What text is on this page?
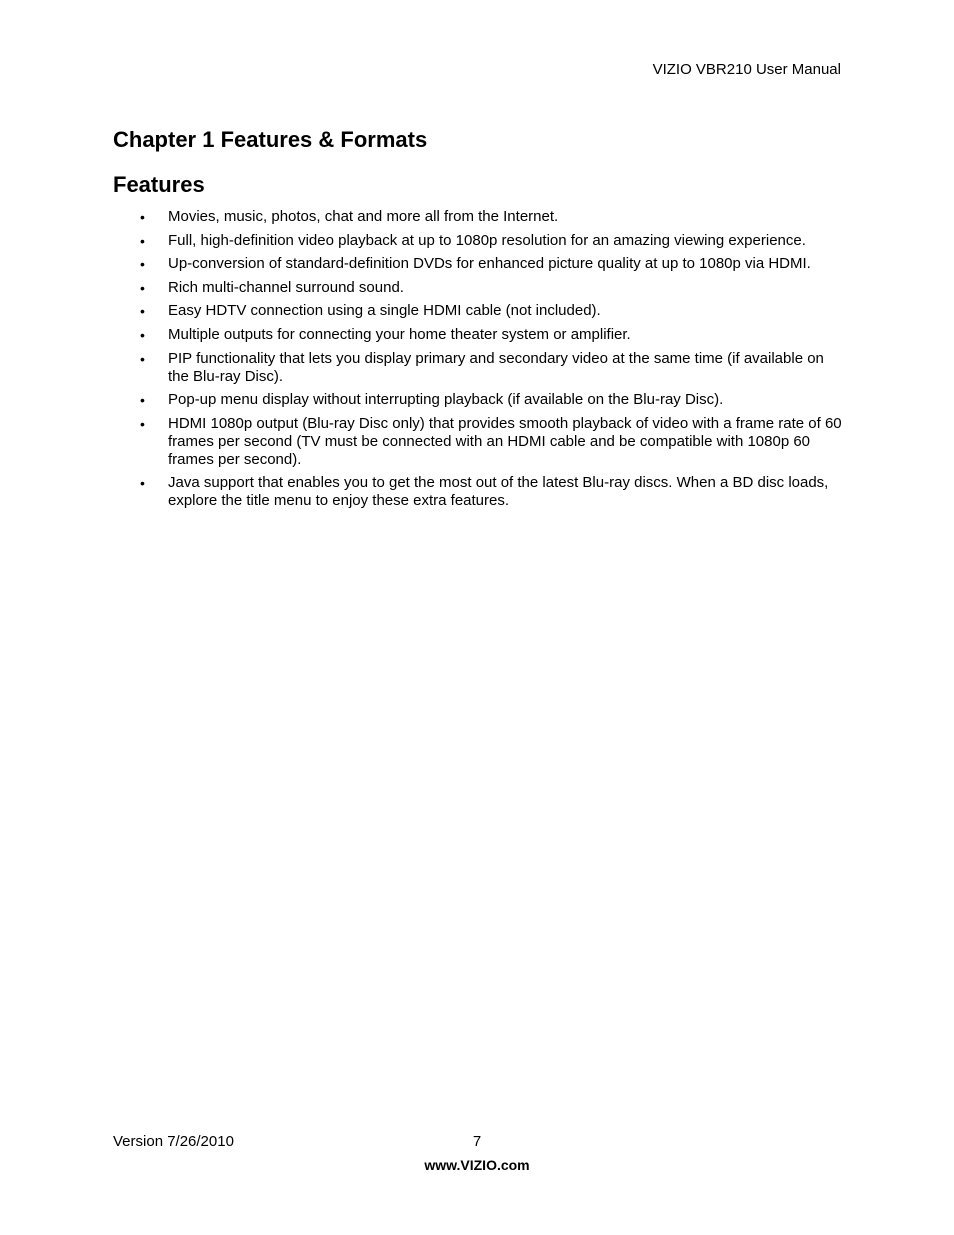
VIZIO VBR210 User Manual
Chapter 1 Features & Formats
Features
• Movies, music, photos, chat and more all from the Internet.
• Full, high-definition video playback at up to 1080p resolution for an amazing viewing experience.
• Up-conversion of standard-definition DVDs for enhanced picture quality at up to 1080p via HDMI.
• Rich multi-channel surround sound.
• Easy HDTV connection using a single HDMI cable (not included).
• Multiple outputs for connecting your home theater system or amplifier.
• PIP functionality that lets you display primary and secondary video at the same time (if available on the Blu-ray Disc).
• Pop-up menu display without interrupting playback (if available on the Blu-ray Disc).
• HDMI 1080p output (Blu-ray Disc only) that provides smooth playback of video with a frame rate of 60 frames per second (TV must be connected with an HDMI cable and be compatible with 1080p 60 frames per second).
• Java support that enables you to get the most out of the latest Blu-ray discs. When a BD disc loads, explore the title menu to enjoy these extra features.
Version 7/26/2010	7
www.VIZIO.com
